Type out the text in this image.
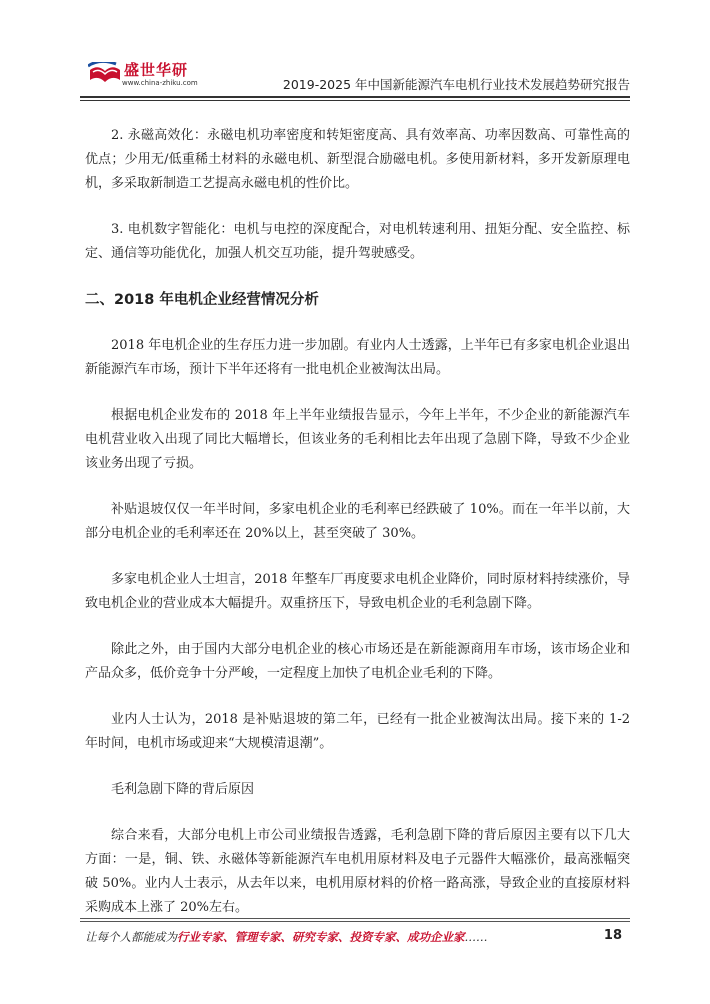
盛世华研
www.china-zhiku.com	2019-2025 年中国新能源汽车电机行业技术发展趋势研究报告

2. 永磁高效化：永磁电机功率密度和转矩密度高、具有效率高、功率因数高、可靠性高的优点；少用无/低重稀土材料的永磁电机、新型混合励磁电机。多使用新材料，多开发新原理电机，多采取新制造工艺提高永磁电机的性价比。

3. 电机数字智能化：电机与电控的深度配合，对电机转速利用、扭矩分配、安全监控、标定、通信等功能优化，加强人机交互功能，提升驾驶感受。

二、2018 年电机企业经营情况分析

2018 年电机企业的生存压力进一步加剧。有业内人士透露，上半年已有多家电机企业退出新能源汽车市场，预计下半年还将有一批电机企业被淘汰出局。

根据电机企业发布的 2018 年上半年业绩报告显示，今年上半年，不少企业的新能源汽车电机营业收入出现了同比大幅增长，但该业务的毛利相比去年出现了急剧下降，导致不少企业该业务出现了亏损。

补贴退坡仅仅一年半时间，多家电机企业的毛利率已经跌破了 10%。而在一年半以前，大部分电机企业的毛利率还在 20%以上，甚至突破了 30%。

多家电机企业人士坦言，2018 年整车厂再度要求电机企业降价，同时原材料持续涨价，导致电机企业的营业成本大幅提升。双重挤压下，导致电机企业的毛利急剧下降。

除此之外，由于国内大部分电机企业的核心市场还是在新能源商用车市场，该市场企业和产品众多，低价竞争十分严峻，一定程度上加快了电机企业毛利的下降。

业内人士认为，2018 是补贴退坡的第二年，已经有一批企业被淘汰出局。接下来的 1-2 年时间，电机市场或迎来“大规模清退潮”。

毛利急剧下降的背后原因

综合来看，大部分电机上市公司业绩报告透露，毛利急剧下降的背后原因主要有以下几大方面：一是，铜、铁、永磁体等新能源汽车电机用原材料及电子元器件大幅涨价，最高涨幅突破 50%。业内人士表示，从去年以来，电机用原材料的价格一路高涨，导致企业的直接原材料采购成本上涨了 20%左右。

让每个人都能成为行业专家、管理专家、研究专家、投资专家、成功企业家……	18
